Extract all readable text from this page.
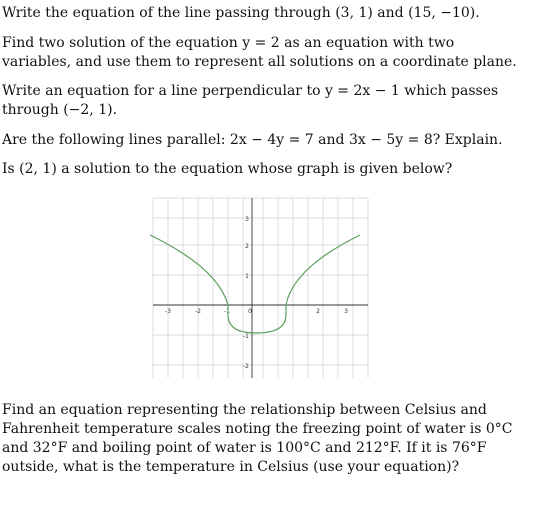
Write the equation of the line passing through (3, 1) and (15, −10).

Find two solution of the equation y = 2 as an equation with two variables, and use them to represent all solutions on a coordinate plane.

Write an equation for a line perpendicular to y = 2x − 1 which passes through (−2, 1).

Are the following lines parallel: 2x − 4y = 7 and 3x − 5y = 8? Explain.

Is (2, 1) a solution to the equation whose graph is given below?

-3	-2	-1	0	2	3
3
2
1
-1
-2

Find an equation representing the relationship between Celsius and Fahrenheit temperature scales noting the freezing point of water is 0°C and 32°F and boiling point of water is 100°C and 212°F. If it is 76°F outside, what is the temperature in Celsius (use your equation)?
